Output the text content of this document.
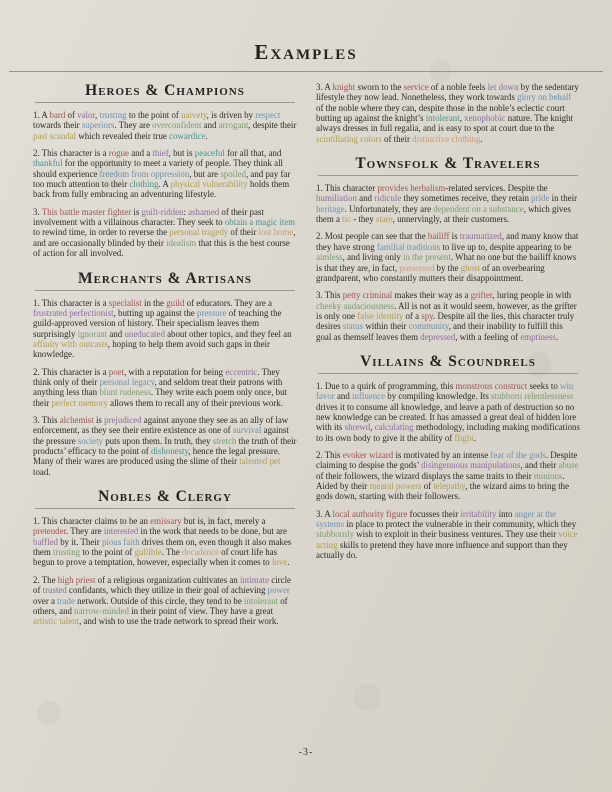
Examples
Heroes & Champions

1. A bard of valor, trusting to the point of naivety, is driven by respect towards their superiors. They are overconfident and arrogant, despite their past scandal which revealed their true cowardice.

2. This character is a rogue and a thief, but is peaceful for all that, and thankful for the opportunity to meet a variety of people. They think all should experience freedom from oppression, but are spoiled, and pay far too much attention to their clothing. A physical vulnerability holds them back from fully embracing an adventuring lifestyle.

3. This battle master fighter is guilt-ridden: ashamed of their past involvement with a villainous character. They seek to obtain a magic item to rewind time, in order to reverse the personal tragedy of their lost home, and are occasionally blinded by their idealism that this is the best course of action for all involved.

Merchants & Artisans

1. This character is a specialist in the guild of educators. They are a frustrated perfectionist, butting up against the pressure of teaching the guild-approved version of history. Their specialism leaves them surprisingly ignorant and uneducated about other topics, and they feel an affinity with outcasts, hoping to help them avoid such gaps in their knowledge.

2. This character is a poet, with a reputation for being eccentric. They think only of their personal legacy, and seldom treat their patrons with anything less than blunt rudeness. They write each poem only once, but their perfect memory allows them to recall any of their previous work.

3. This alchemist is prejudiced against anyone they see as an ally of law enforcement, as they see their entire existence as one of survival against the pressure society puts upon them. In truth, they stretch the truth of their products’ efficacy to the point of dishonesty, hence the legal pressure. Many of their wares are produced using the slime of their talented pet toad.

Nobles & Clergy

1. This character claims to be an emissary but is, in fact, merely a pretender. They are interested in the work that needs to be done, but are baffled by it. Their pious faith drives them on, even though it also makes them trusting to the point of gullible. The decadence of court life has begun to prove a temptation, however, especially when it comes to love.

2. The high priest of a religious organization cultivates an intimate circle of trusted confidants, which they utilize in their goal of achieving power over a trade network. Outside of this circle, they tend to be intolerant of others, and narrow-minded in their point of view. They have a great artistic talent, and wish to use the trade network to spread their work.

3. A knight sworn to the service of a noble feels let down by the sedentary lifestyle they now lead. Nonetheless, they work towards glory on behalf of the noble where they can, despite those in the noble’s eclectic court butting up against the knight’s intolerant, xenophobic nature. The knight always dresses in full regalia, and is easy to spot at court due to the scintillating colors of their distinctive clothing.

Townsfolk & Travelers

1. This character provides herbalism-related services. Despite the humiliation and ridicule they sometimes receive, they retain pride in their heritage. Unfortunately, they are dependent on a substance, which gives them a tic - they stare, unnervingly, at their customers.

2. Most people can see that the bailiff is traumatized, and many know that they have strong familial traditions to live up to, despite appearing to be aimless, and living only in the present. What no one but the bailiff knows is that they are, in fact, possessed by the ghost of an overbearing grandparent, who constantly mutters their disappointment.

3. This petty criminal makes their way as a grifter, luring people in with cheeky audaciousness. All is not as it would seem, however, as the grifter is only one false identity of a spy. Despite all the lies, this character truly desires status within their community, and their inability to fulfill this goal as themself leaves them depressed, with a feeling of emptiness.

Villains & Scoundrels

1. Due to a quirk of programming, this monstrous construct seeks to win favor and influence by compiling knowledge. Its stubborn relentlessness drives it to consume all knowledge, and leave a path of destruction so no new knowledge can be created. It has amassed a great deal of hidden lore with its shrewd, calculating methodology, including making modifications to its own body to give it the ability of flight.

2. This evoker wizard is motivated by an intense fear of the gods. Despite claiming to despise the gods’ disingenuous manipulations, and their abuse of their followers, the wizard displays the same traits to their minions. Aided by their mental powers of telepathy, the wizard aims to bring the gods down, starting with their followers.

3. A local authority figure focusses their irritability into anger at the systems in place to protect the vulnerable in their community, which they stubbornly wish to exploit in their business ventures. They use their voice acting skills to pretend they have more influence and support than they actually do.

-3-
